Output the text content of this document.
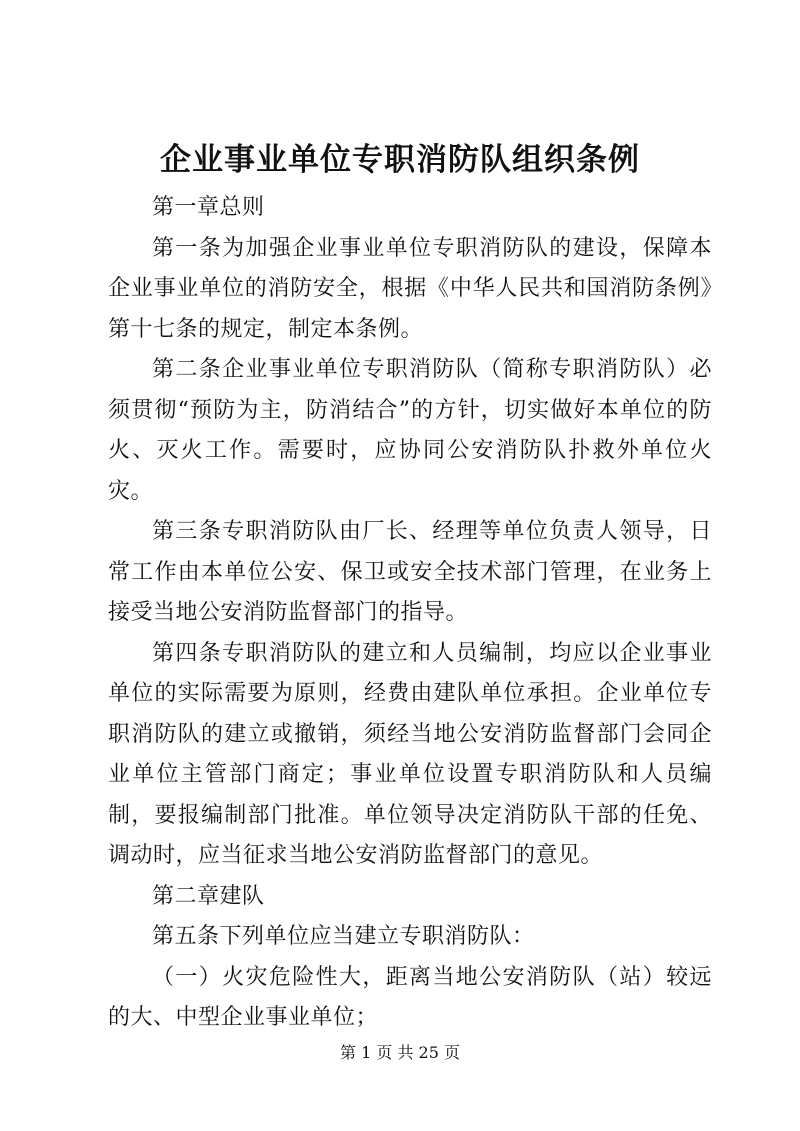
企业事业单位专职消防队组织条例

第一章总则

第一条为加强企业事业单位专职消防队的建设，保障本企业事业单位的消防安全，根据《中华人民共和国消防条例》第十七条的规定，制定本条例。

第二条企业事业单位专职消防队（简称专职消防队）必须贯彻“预防为主，防消结合”的方针，切实做好本单位的防火、灭火工作。需要时，应协同公安消防队扑救外单位火灾。

第三条专职消防队由厂长、经理等单位负责人领导，日常工作由本单位公安、保卫或安全技术部门管理，在业务上接受当地公安消防监督部门的指导。

第四条专职消防队的建立和人员编制，均应以企业事业单位的实际需要为原则，经费由建队单位承担。企业单位专职消防队的建立或撤销，须经当地公安消防监督部门会同企业单位主管部门商定；事业单位设置专职消防队和人员编制，要报编制部门批准。单位领导决定消防队干部的任免、调动时，应当征求当地公安消防监督部门的意见。

第二章建队

第五条下列单位应当建立专职消防队：

（一）火灾危险性大，距离当地公安消防队（站）较远的大、中型企业事业单位；

第 1 页 共 25 页
